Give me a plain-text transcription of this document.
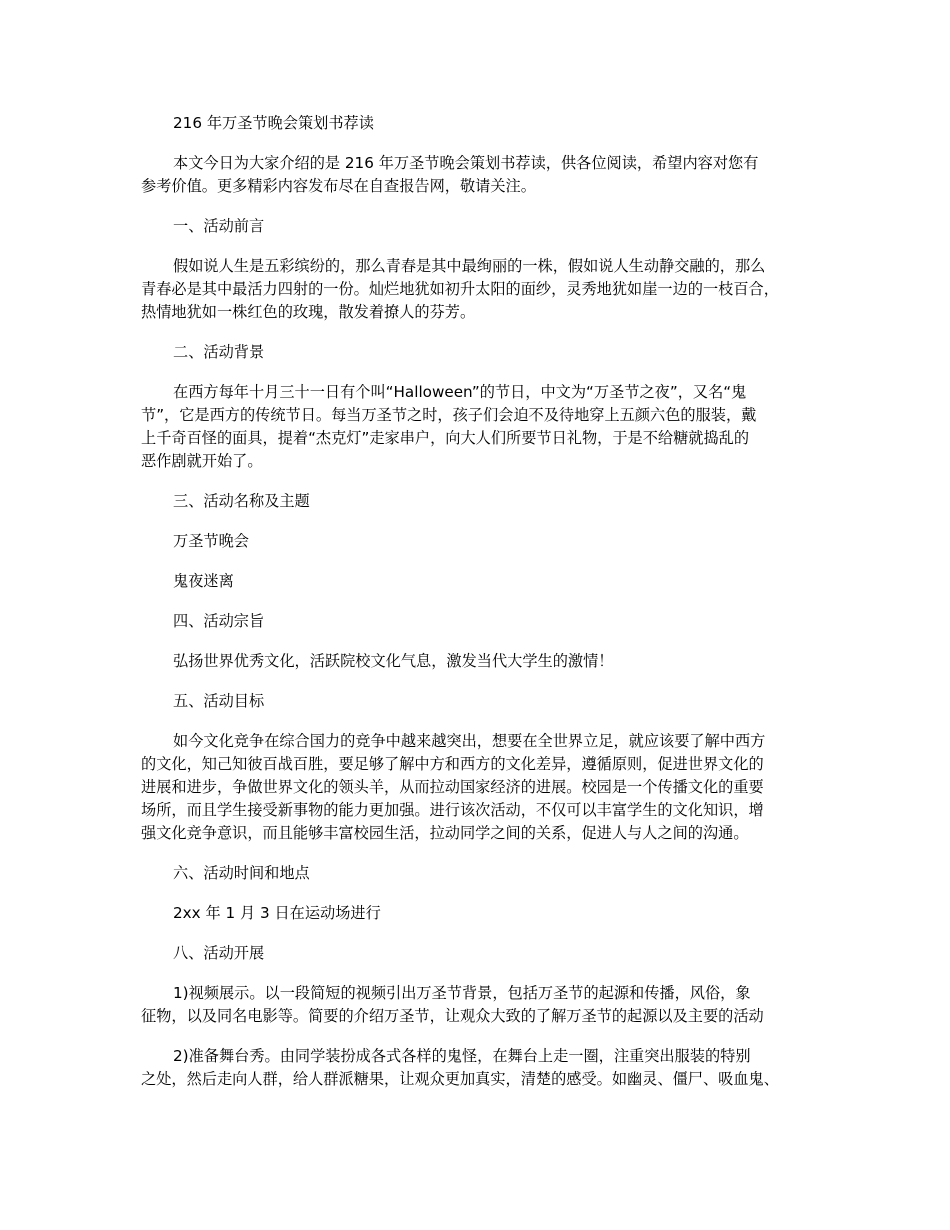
216 年万圣节晚会策划书荐读
本文今日为大家介绍的是 216 年万圣节晚会策划书荐读，供各位阅读，希望内容对您有
参考价值。更多精彩内容发布尽在自查报告网，敬请关注。
一、活动前言
假如说人生是五彩缤纷的，那么青春是其中最绚丽的一株，假如说人生动静交融的，那么
青春必是其中最活力四射的一份。灿烂地犹如初升太阳的面纱，灵秀地犹如崖一边的一枝百合，
热情地犹如一株红色的玫瑰，散发着撩人的芬芳。
二、活动背景
在西方每年十月三十一日有个叫“Halloween”的节日，中文为“万圣节之夜”，又名“鬼
节”，它是西方的传统节日。每当万圣节之时，孩子们会迫不及待地穿上五颜六色的服装，戴
上千奇百怪的面具，提着“杰克灯”走家串户，向大人们所要节日礼物，于是不给糖就捣乱的
恶作剧就开始了。
三、活动名称及主题
万圣节晚会
鬼夜迷离
四、活动宗旨
弘扬世界优秀文化，活跃院校文化气息，激发当代大学生的激情！
五、活动目标
如今文化竞争在综合国力的竞争中越来越突出，想要在全世界立足，就应该要了解中西方
的文化，知己知彼百战百胜，要足够了解中方和西方的文化差异，遵循原则，促进世界文化的
进展和进步，争做世界文化的领头羊，从而拉动国家经济的进展。校园是一个传播文化的重要
场所，而且学生接受新事物的能力更加强。进行该次活动，不仅可以丰富学生的文化知识，增
强文化竞争意识，而且能够丰富校园生活，拉动同学之间的关系，促进人与人之间的沟通。
六、活动时间和地点
2xx 年 1 月 3 日在运动场进行
八、活动开展
1)视频展示。以一段简短的视频引出万圣节背景，包括万圣节的起源和传播，风俗，象
征物，以及同名电影等。简要的介绍万圣节，让观众大致的了解万圣节的起源以及主要的活动
2)准备舞台秀。由同学装扮成各式各样的鬼怪，在舞台上走一圈，注重突出服装的特别
之处，然后走向人群，给人群派糖果，让观众更加真实，清楚的感受。如幽灵、僵尸、吸血鬼、
